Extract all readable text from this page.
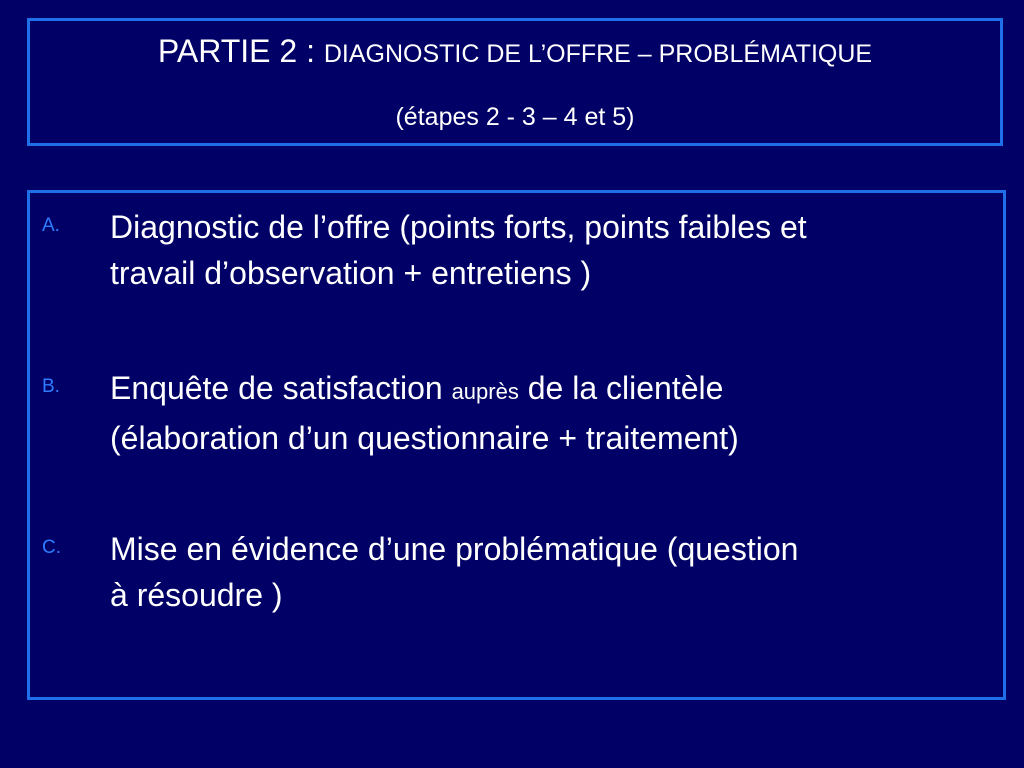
PARTIE 2 : DIAGNOSTIC DE L’OFFRE – PROBLÉMATIQUE
(étapes 2 - 3 – 4 et 5)
A. Diagnostic de l’offre (points forts, points faibles et
travail d’observation + entretiens )
B. Enquête de satisfaction auprès de la clientèle
(élaboration d’un questionnaire + traitement)
C. Mise en évidence d’une problématique (question
à résoudre )
